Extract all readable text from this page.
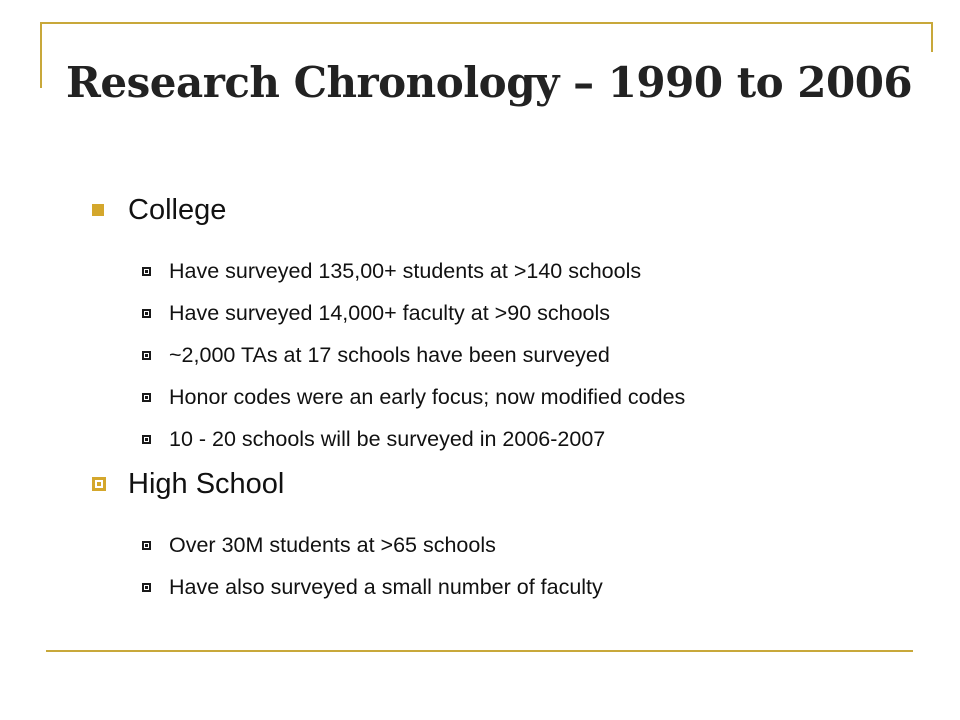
Research Chronology – 1990 to 2006
College
Have surveyed 135,00+ students at >140 schools
Have surveyed 14,000+ faculty at >90 schools
~2,000 TAs at 17 schools have been surveyed
Honor codes were an early focus; now modified codes
10 - 20 schools will be surveyed in 2006-2007
High School
Over 30M students at >65 schools
Have also surveyed a small number of faculty
